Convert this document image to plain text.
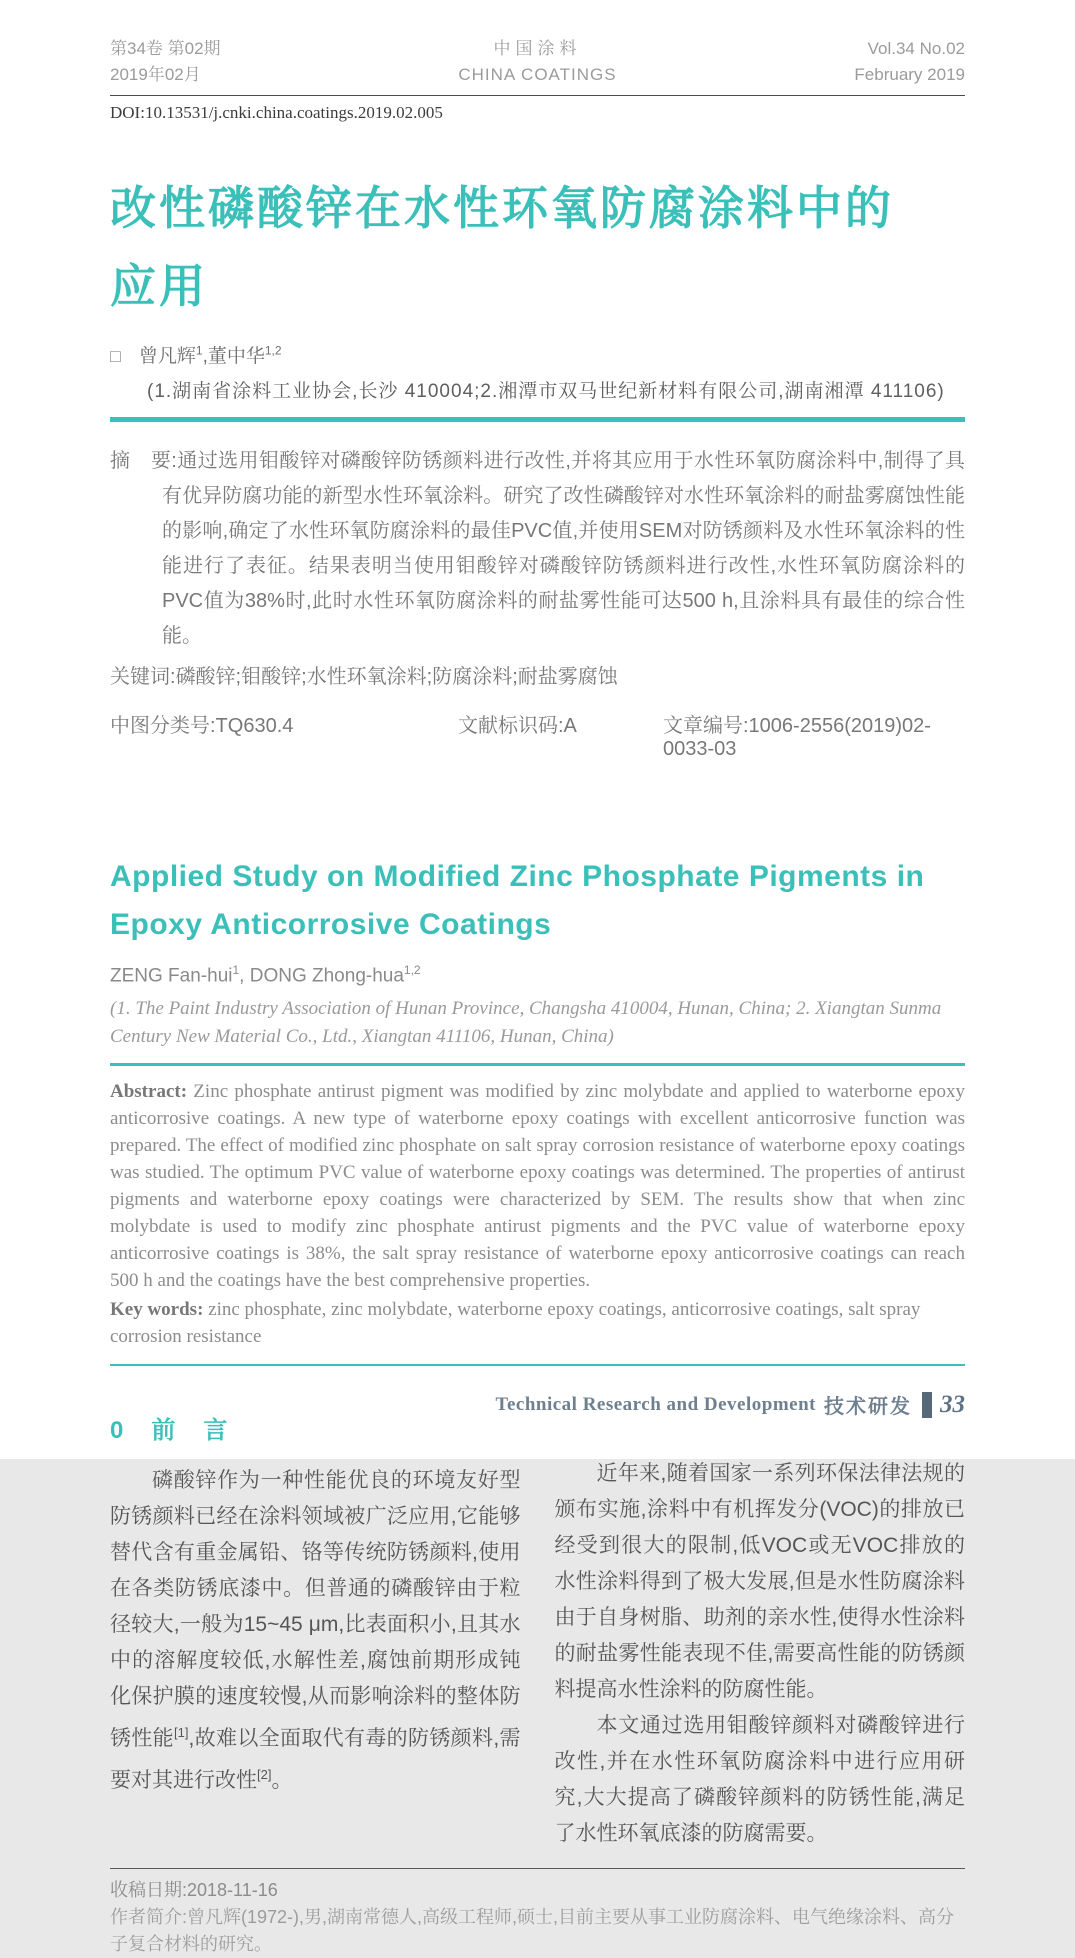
第34卷 第02期
2019年02月
中国涂料
CHINA COATINGS
Vol.34 No.02
February 2019
DOI:10.13531/j.cnki.china.coatings.2019.02.005
改性磷酸锌在水性环氧防腐涂料中的应用
□ 曾凡辉$^1$,董中华$^{1,2}$
(1.湖南省涂料工业协会,长沙 410004;2.湘潭市双马世纪新材料有限公司,湖南湘潭 411106)

摘　要:通过选用钼酸锌对磷酸锌防锈颜料进行改性,并将其应用于水性环氧防腐涂料中,制得了具有优异防腐功能的新型水性环氧涂料。研究了改性磷酸锌对水性环氧涂料的耐盐雾腐蚀性能的影响,确定了水性环氧防腐涂料的最佳PVC值,并使用SEM对防锈颜料及水性环氧涂料的性能进行了表征。结果表明当使用钼酸锌对磷酸锌防锈颜料进行改性,水性环氧防腐涂料的PVC值为38%时,此时水性环氧防腐涂料的耐盐雾性能可达500 h,且涂料具有最佳的综合性能。

关键词:磷酸锌;钼酸锌;水性环氧涂料;防腐涂料;耐盐雾腐蚀

中图分类号:TQ630.4	文献标识码:A	文章编号:1006-2556(2019)02-0033-03
Applied Study on Modified Zinc Phosphate Pigments in Epoxy Anticorrosive Coatings
ZENG Fan-hui$^1$, DONG Zhong-hua$^{1,2}$
(1. The Paint Industry Association of Hunan Province, Changsha 410004, Hunan, China; 2. Xiangtan Sunma Century New Material Co., Ltd., Xiangtan 411106, Hunan, China)

Abstract: Zinc phosphate antirust pigment was modified by zinc molybdate and applied to waterborne epoxy anticorrosive coatings. A new type of waterborne epoxy coatings with excellent anticorrosive function was prepared. The effect of modified zinc phosphate on salt spray corrosion resistance of waterborne epoxy coatings was studied. The optimum PVC value of waterborne epoxy coatings was determined. The properties of antirust pigments and waterborne epoxy coatings were characterized by SEM. The results show that when zinc molybdate is used to modify zinc phosphate antirust pigments and the PVC value of waterborne epoxy anticorrosive coatings is 38%, the salt spray resistance of waterborne epoxy anticorrosive coatings can reach 500 h and the coatings have the best comprehensive properties.

Key words: zinc phosphate, zinc molybdate, waterborne epoxy coatings, anticorrosive coatings, salt spray corrosion resistance

0　前　言

磷酸锌作为一种性能优良的环境友好型防锈颜料已经在涂料领域被广泛应用,它能够替代含有重金属铅、铬等传统防锈颜料,使用在各类防锈底漆中。但普通的磷酸锌由于粒径较大,一般为15~45 μm,比表面积小,且其水中的溶解度较低,水解性差,腐蚀前期形成钝化保护膜的速度较慢,从而影响涂料的整体防锈性能[1],故难以全面取代有毒的防锈颜料,需要对其进行改性[2]。

近年来,随着国家一系列环保法律法规的颁布实施,涂料中有机挥发分(VOC)的排放已经受到很大的限制,低VOC或无VOC排放的水性涂料得到了极大发展,但是水性防腐涂料由于自身树脂、助剂的亲水性,使得水性涂料的耐盐雾性能表现不佳,需要高性能的防锈颜料提高水性涂料的防腐性能。

本文通过选用钼酸锌颜料对磷酸锌进行改性,并在水性环氧防腐涂料中进行应用研究,大大提高了磷酸锌颜料的防锈性能,满足了水性环氧底漆的防腐需要。

收稿日期:2018-11-16
作者简介:曾凡辉(1972-),男,湖南常德人,高级工程师,硕士,目前主要从事工业防腐涂料、电气绝缘涂料、高分子复合材料的研究。
Technical Research and Development 技术研发 33
